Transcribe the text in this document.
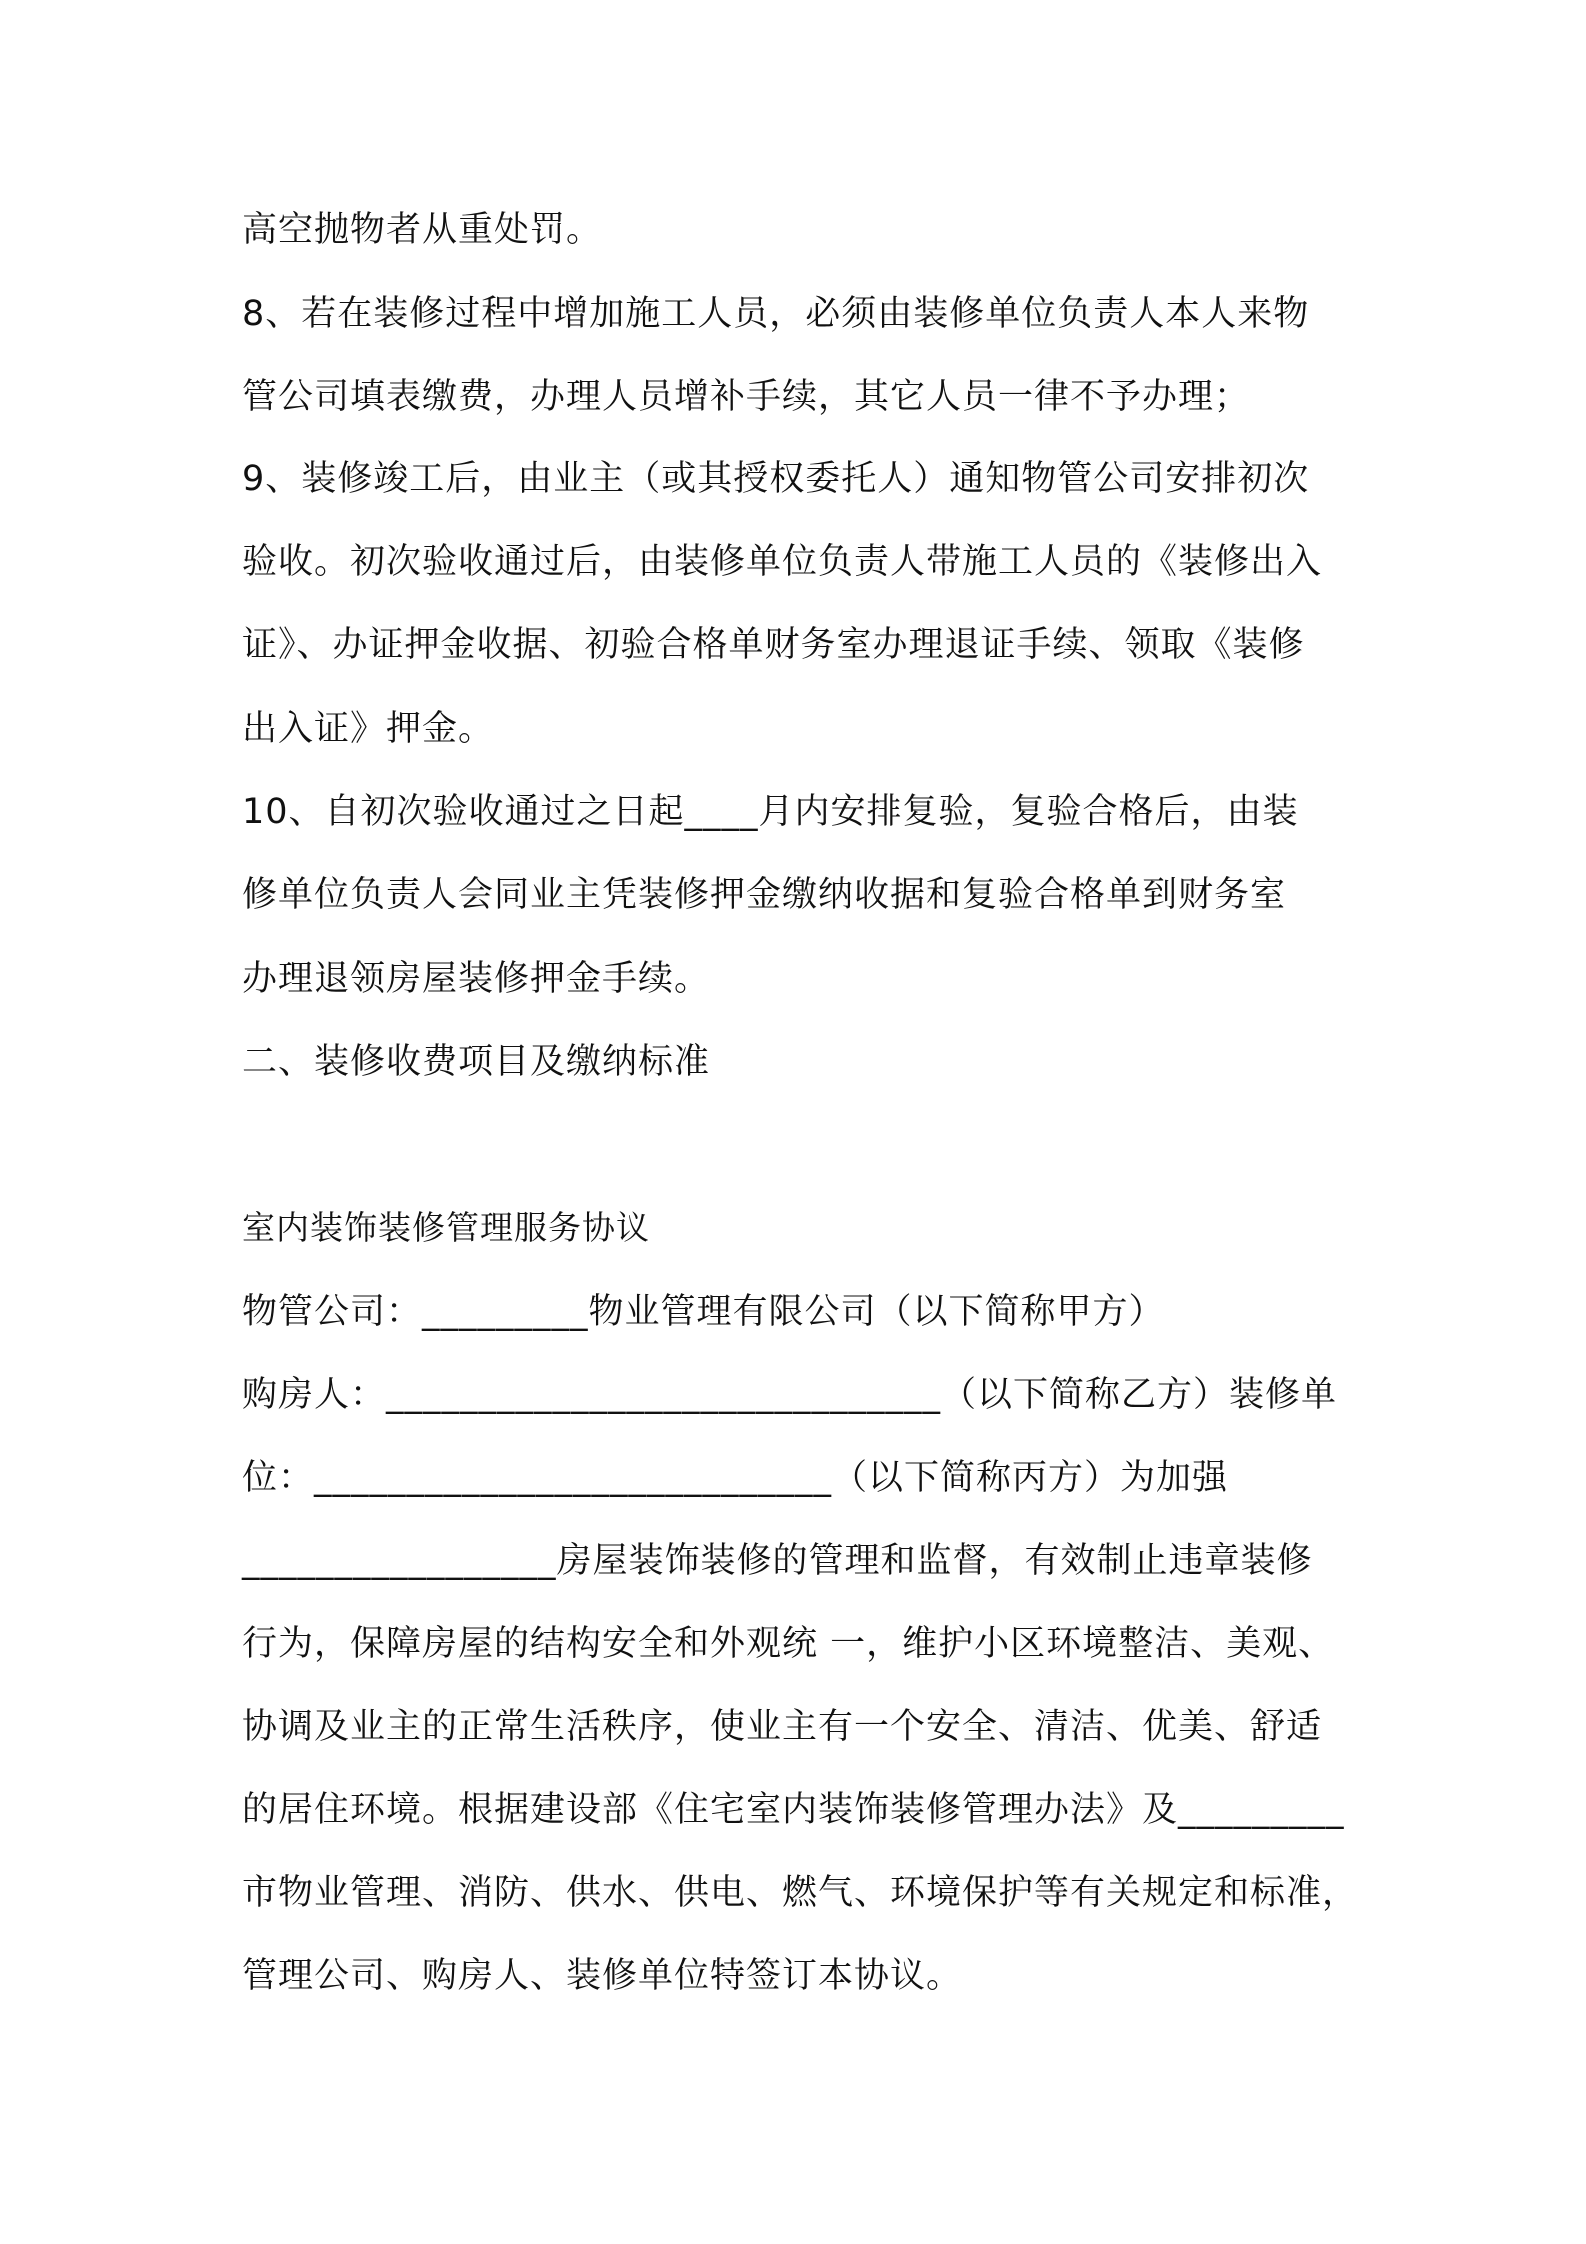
高空抛物者从重处罚。
8、若在装修过程中增加施工人员，必须由装修单位负责人本人来物
管公司填表缴费，办理人员增补手续，其它人员一律不予办理；
9、装修竣工后，由业主（或其授权委托人）通知物管公司安排初次
验收。初次验收通过后，由装修单位负责人带施工人员的《装修出入
证》、办证押金收据、初验合格单财务室办理退证手续、领取《装修
出入证》押金。
10、自初次验收通过之日起____月内安排复验，复验合格后，由装
修单位负责人会同业主凭装修押金缴纳收据和复验合格单到财务室
办理退领房屋装修押金手续。
二、装修收费项目及缴纳标准
室内装饰装修管理服务协议
物管公司：_________物业管理有限公司（以下简称甲方）
购房人：______________________________（以下简称乙方）装修单
位：____________________________（以下简称丙方）为加强
_________________房屋装饰装修的管理和监督，有效制止违章装修
行为，保障房屋的结构安全和外观统 一，维护小区环境整洁、美观、
协调及业主的正常生活秩序，使业主有一个安全、清洁、优美、舒适
的居住环境。根据建设部《住宅室内装饰装修管理办法》及_________
市物业管理、消防、供水、供电、燃气、环境保护等有关规定和标准，
管理公司、购房人、装修单位特签订本协议。
